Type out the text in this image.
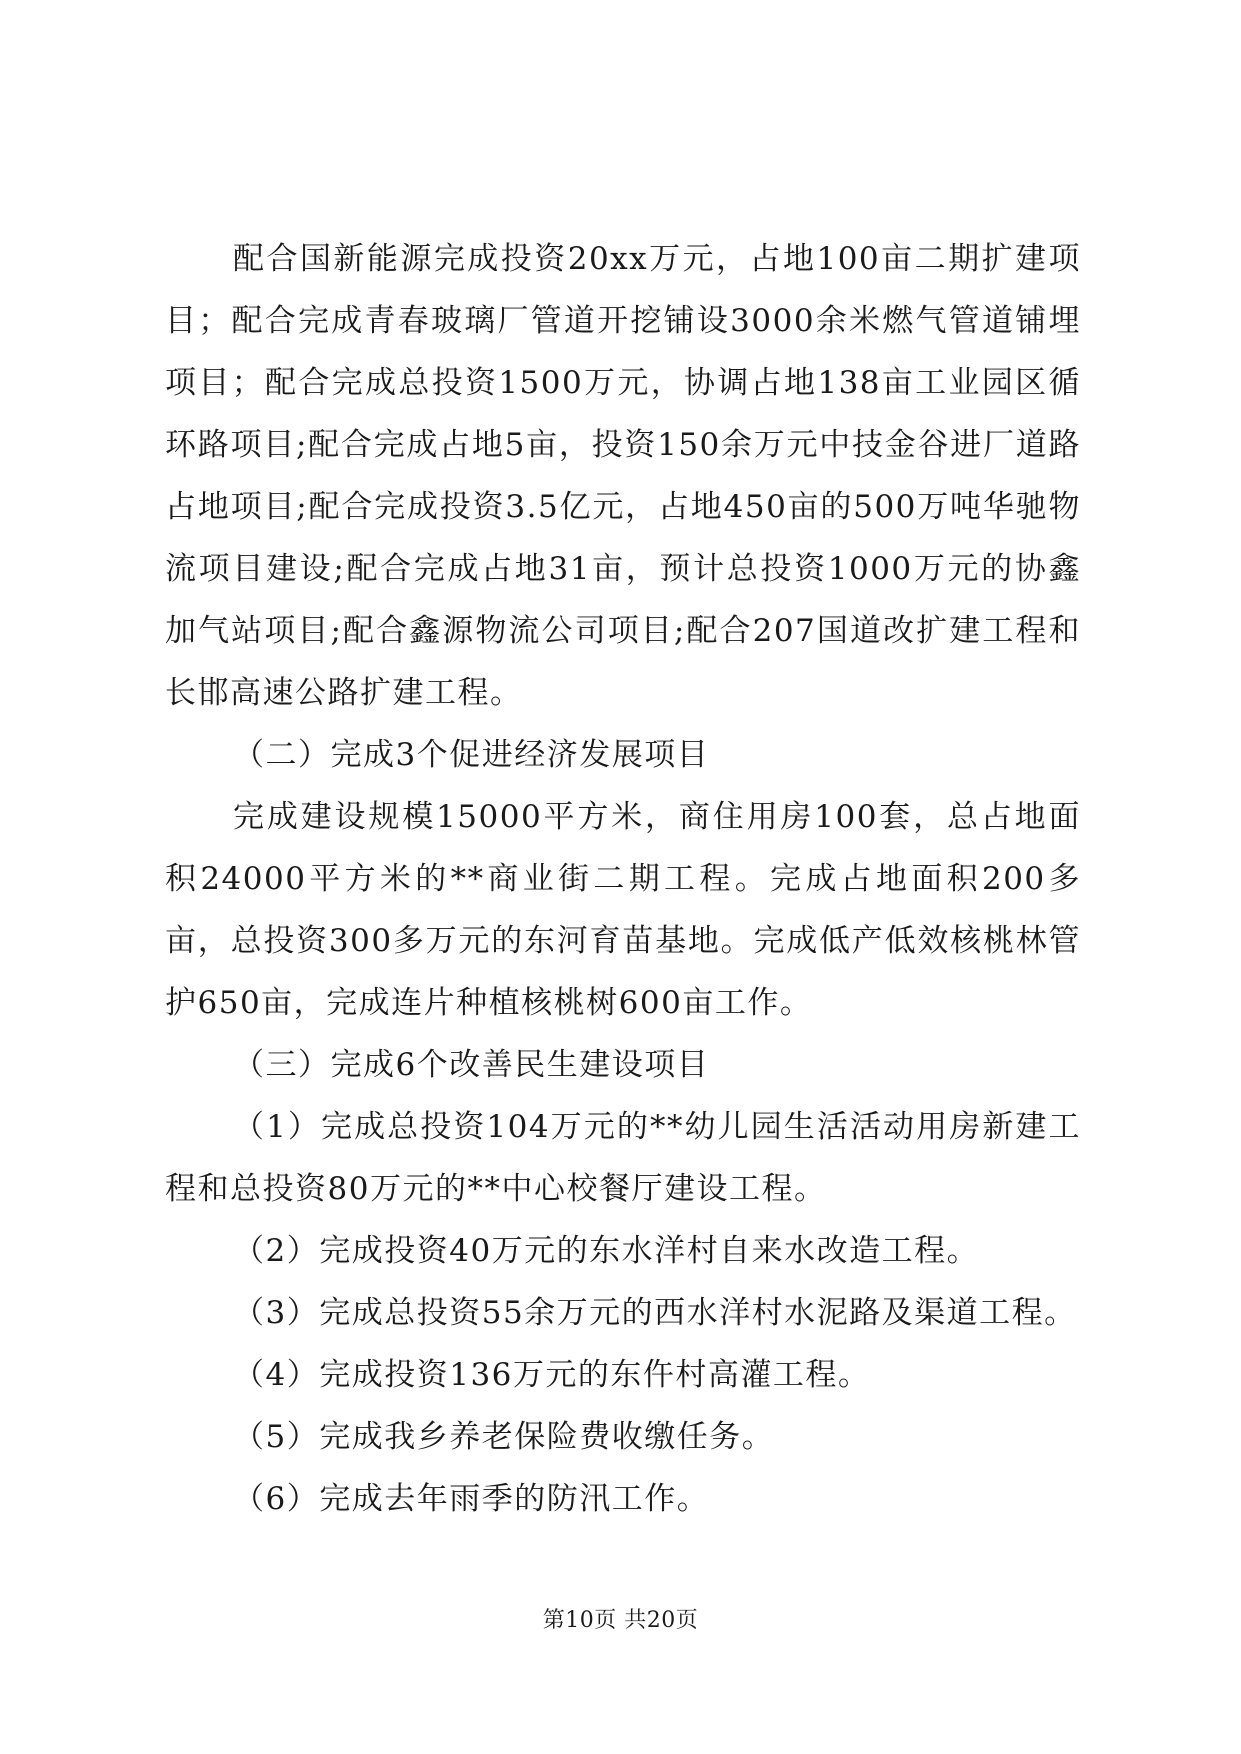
配合国新能源完成投资20xx万元，占地100亩二期扩建项目；配合完成青春玻璃厂管道开挖铺设3000余米燃气管道铺埋项目；配合完成总投资1500万元，协调占地138亩工业园区循环路项目;配合完成占地5亩，投资150余万元中技金谷进厂道路占地项目;配合完成投资3.5亿元，占地450亩的500万吨华驰物流项目建设;配合完成占地31亩，预计总投资1000万元的协鑫加气站项目;配合鑫源物流公司项目;配合207国道改扩建工程和长邯高速公路扩建工程。

（二）完成3个促进经济发展项目

完成建设规模15000平方米，商住用房100套，总占地面积24000平方米的**商业街二期工程。完成占地面积200多亩，总投资300多万元的东河育苗基地。完成低产低效核桃林管护650亩，完成连片种植核桃树600亩工作。

（三）完成6个改善民生建设项目

（1）完成总投资104万元的**幼儿园生活活动用房新建工程和总投资80万元的**中心校餐厅建设工程。

（2）完成投资40万元的东水洋村自来水改造工程。

（3）完成总投资55余万元的西水洋村水泥路及渠道工程。

（4）完成投资136万元的东仵村高灌工程。

（5）完成我乡养老保险费收缴任务。

（6）完成去年雨季的防汛工作。

第10页 共20页
